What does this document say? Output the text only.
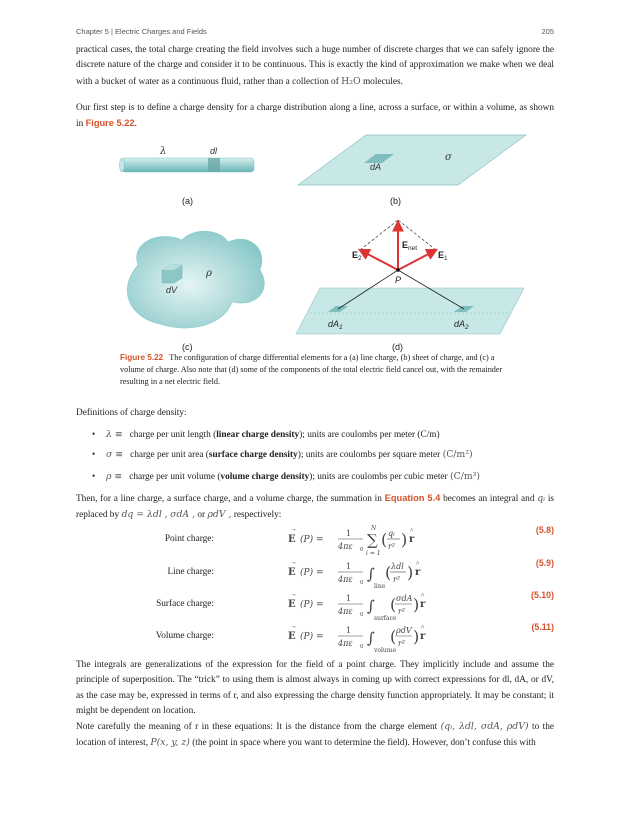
Chapter 5 | Electric Charges and Fields	205
practical cases, the total charge creating the field involves such a huge number of discrete charges that we can safely ignore the discrete nature of the charge and consider it to be continuous. This is exactly the kind of approximation we make when we deal with a bucket of water as a continuous fluid, rather than a collection of H₂O molecules.
Our first step is to define a charge density for a charge distribution along a line, across a surface, or within a volume, as shown in Figure 5.22.
λ	dl
(a)
dA
σ
(b)
dV
ρ
(c)
$E_2$
$E_{net}$
$E_1$
P
$dA_1$	$dA_2$
(d)
Figure 5.22 The configuration of charge differential elements for a (a) line charge, (b) sheet of charge, and (c) a volume of charge. Also note that (d) some of the components of the total electric field cancel out, with the remainder resulting in a net electric field.
Definitions of charge density:
• λ ≡ charge per unit length (linear charge density); units are coulombs per meter (C/m)
• σ ≡ charge per unit area (surface charge density); units are coulombs per square meter (C/m²)
• ρ ≡ charge per unit volume (volume charge density); units are coulombs per cubic meter (C/m³)
Then, for a line charge, a surface charge, and a volume charge, the summation in Equation 5.4 becomes an integral and qᵢ is replaced by dq = λdl , σdA , or ρdV , respectively:
Point charge:	E
→
(P) =
1
4πε 0
∑
N
i = 1
( qᵢ
r² ) r
^	(5.8)
Line charge:	E
→
(P) =
1
4πε 0 ∫
line
( λdl
r² ) r
^	(5.9)
Surface charge:	E
→
(P) =
1
4πε 0 ∫
surface
( σdA
r² ) r
^	(5.10)
Volume charge:	E
→
(P) =
1
4πε 0 ∫
volume
( ρdV
r² ) r
^	(5.11)
The integrals are generalizations of the expression for the field of a point charge. They implicitly include and assume the principle of superposition. The “trick” to using them is almost always in coming up with correct expressions for dl, dA, or dV, as the case may be, expressed in terms of r, and also expressing the charge density function appropriately. It may be constant; it might be dependent on location.
Note carefully the meaning of r in these equations: It is the distance from the charge element (qᵢ, λdl, σdA, ρdV) to the location of interest, P(x, y, z) (the point in space where you want to determine the field). However, don’t confuse this with
